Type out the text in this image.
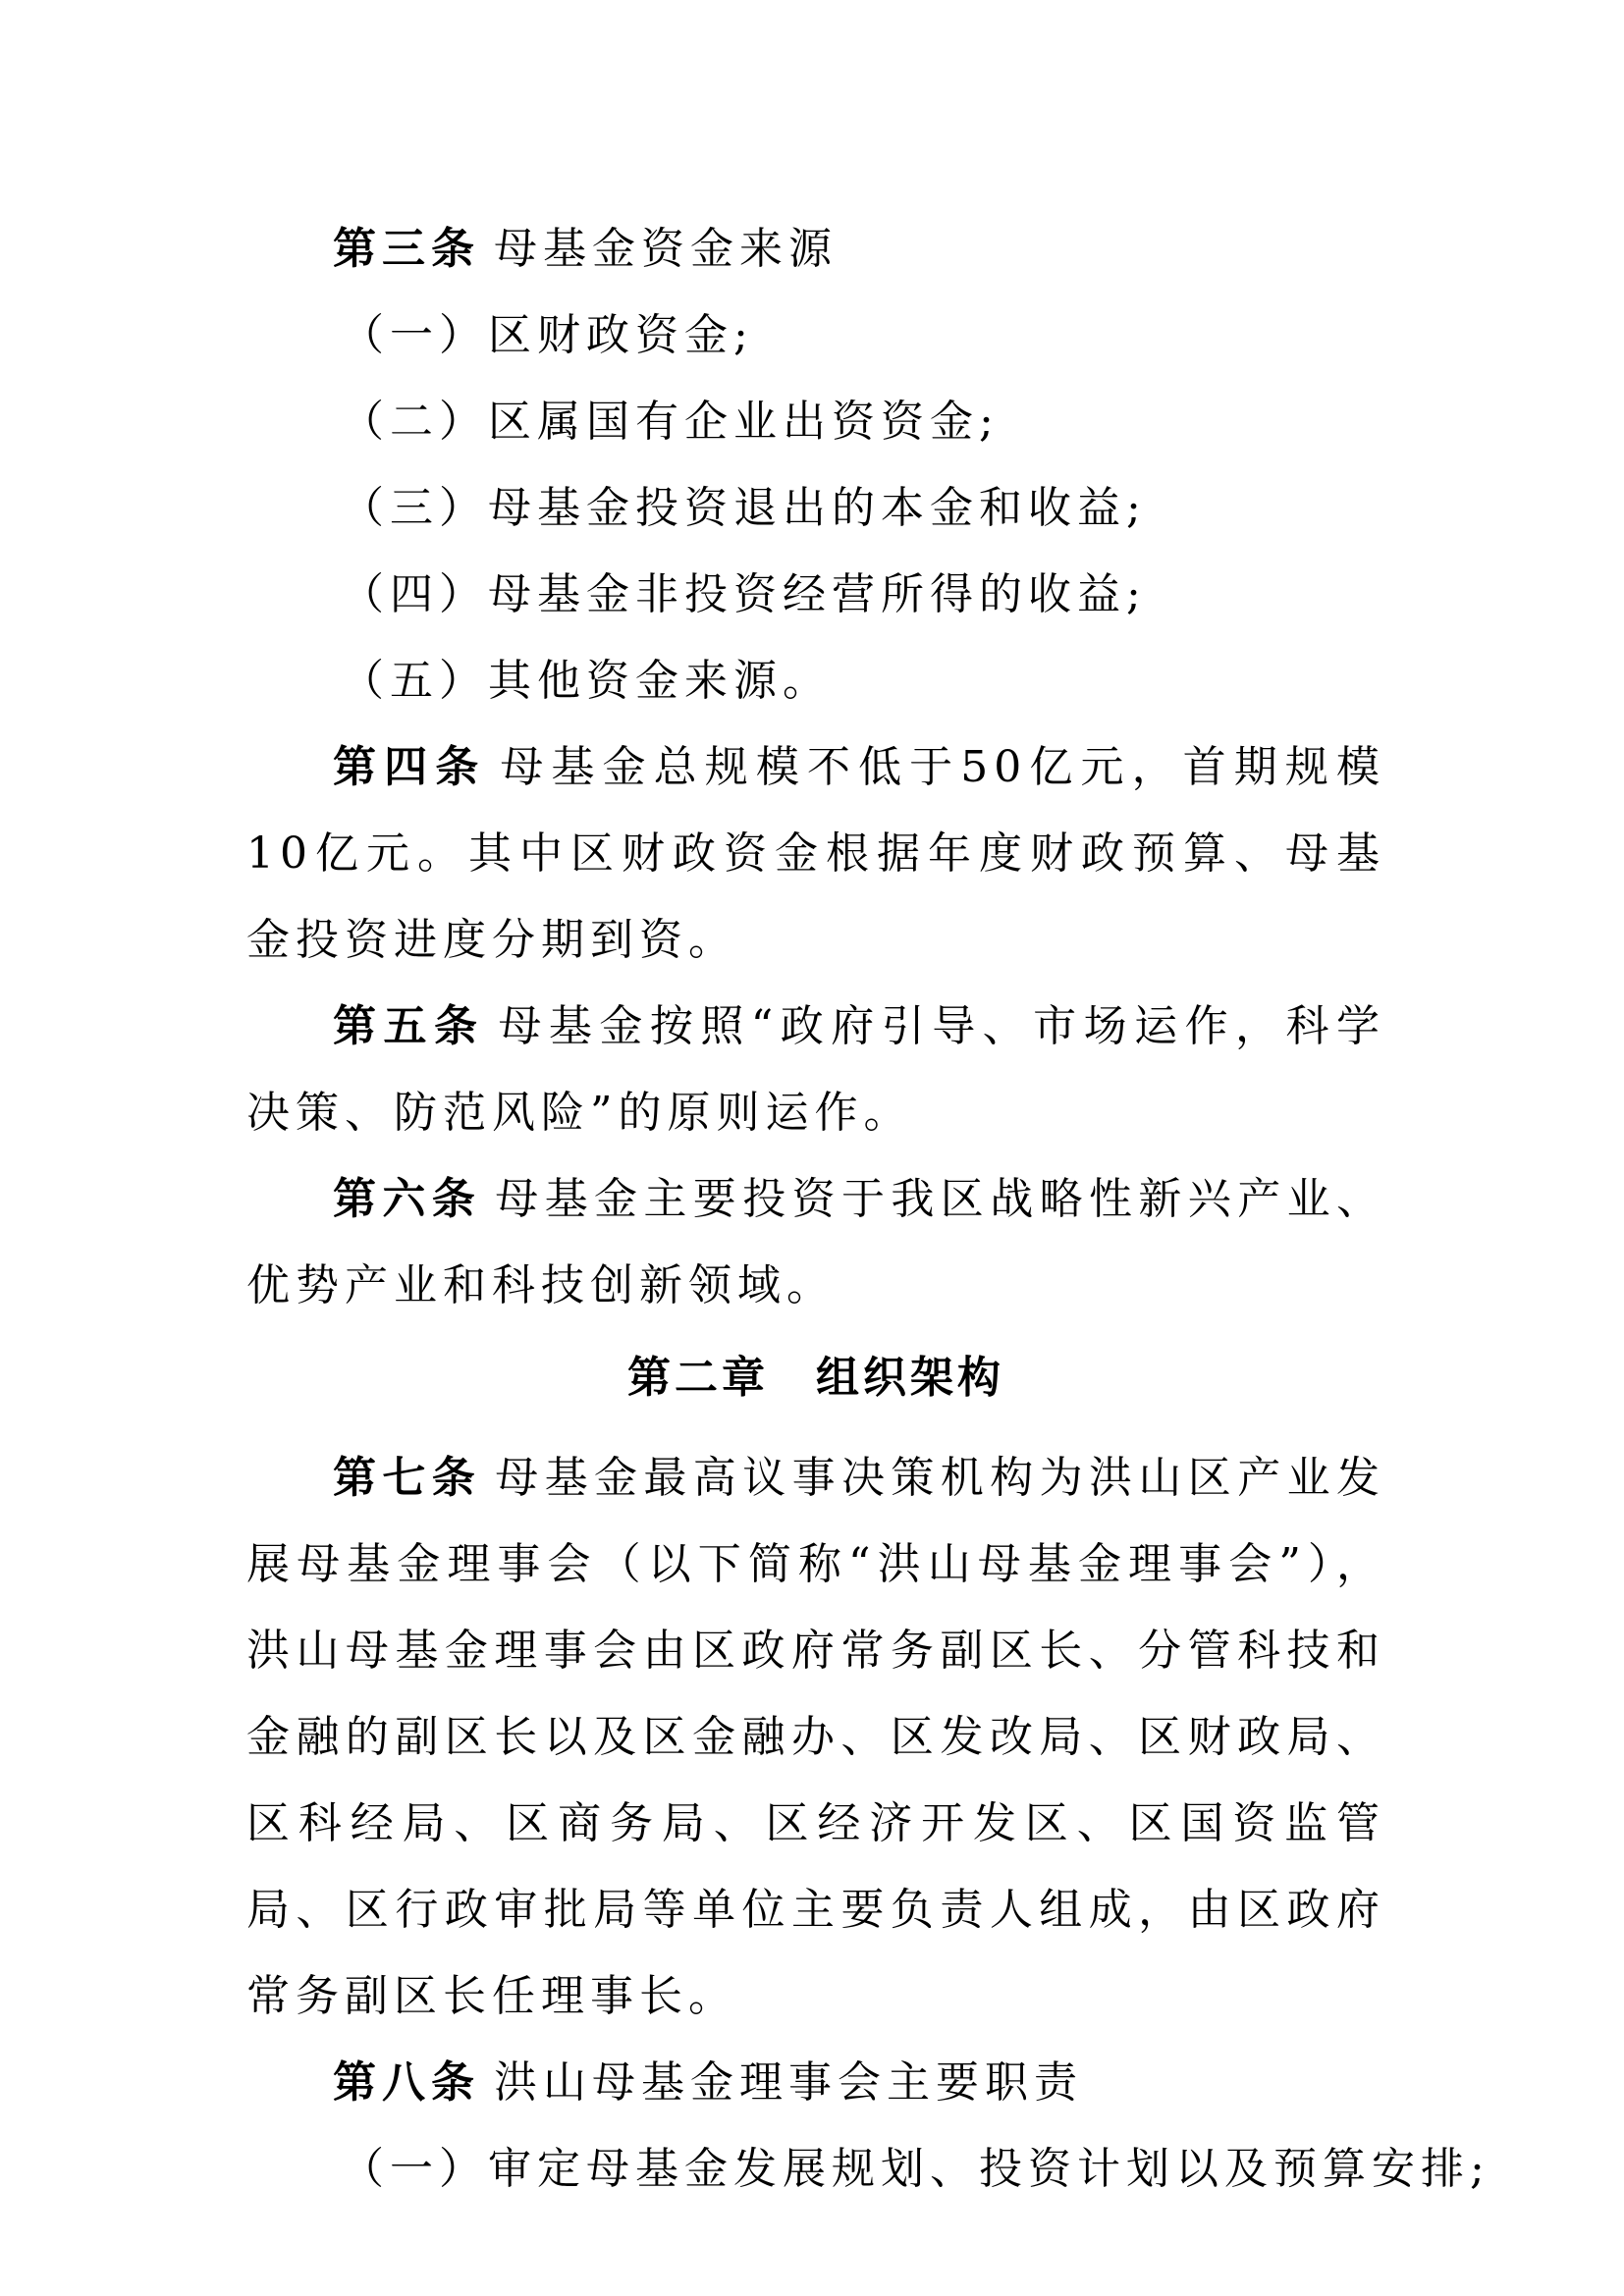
第三条 母基金资金来源

（一）区财政资金;

（二）区属国有企业出资资金;

（三）母基金投资退出的本金和收益;

（四）母基金非投资经营所得的收益;

（五）其他资金来源。

第四条 母基金总规模不低于50亿元，首期规模10亿元。其中区财政资金根据年度财政预算、母基金投资进度分期到资。

第五条 母基金按照“政府引导、市场运作，科学决策、防范风险”的原则运作。

第六条 母基金主要投资于我区战略性新兴产业、优势产业和科技创新领域。

第二章　组织架构

第七条 母基金最高议事决策机构为洪山区产业发展母基金理事会（以下简称“洪山母基金理事会”），洪山母基金理事会由区政府常务副区长、分管科技和金融的副区长以及区金融办、区发改局、区财政局、区科经局、区商务局、区经济开发区、区国资监管局、区行政审批局等单位主要负责人组成，由区政府常务副区长任理事长。

第八条 洪山母基金理事会主要职责

（一）审定母基金发展规划、投资计划以及预算安排;
